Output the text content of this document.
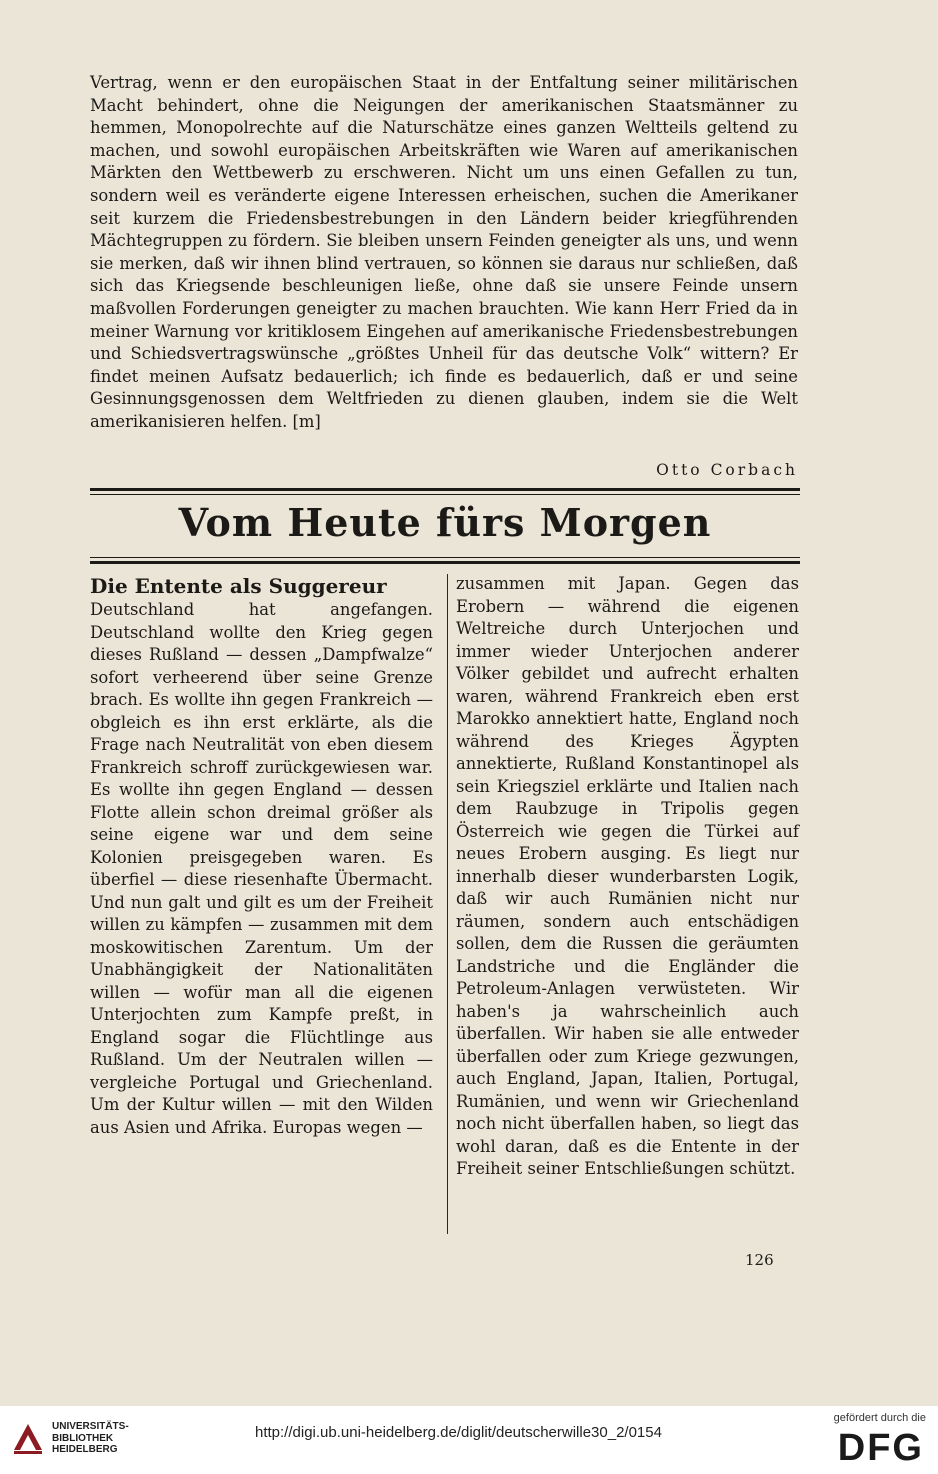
Vertrag, wenn er den europäischen Staat in der Entfaltung seiner militärischen Macht behindert, ohne die Neigungen der amerikanischen Staatsmänner zu hemmen, Monopolrechte auf die Naturschätze eines ganzen Weltteils geltend zu machen, und sowohl europäischen Arbeitskräften wie Waren auf amerikanischen Märkten den Wettbewerb zu erschweren. Nicht um uns einen Gefallen zu tun, sondern weil es veränderte eigene Interessen erheischen, suchen die Amerikaner seit kurzem die Friedensbestrebungen in den Ländern beider kriegführenden Mächtegruppen zu fördern. Sie bleiben unsern Feinden geneigter als uns, und wenn sie merken, daß wir ihnen blind vertrauen, so können sie daraus nur schließen, daß sich das Kriegsende beschleunigen ließe, ohne daß sie unsere Feinde unsern maßvollen Forderungen geneigter zu machen brauchten. Wie kann Herr Fried da in meiner Warnung vor kritiklosem Eingehen auf amerikanische Friedensbestrebungen und Schiedsvertragswünsche „größtes Unheil für das deutsche Volk“ wittern? Er findet meinen Aufsatz bedauerlich; ich finde es bedauerlich, daß er und seine Gesinnungsgenossen dem Weltfrieden zu dienen glauben, indem sie die Welt amerikanisieren helfen. [m]

Otto Corbach
Vom Heute fürs Morgen

Die Entente als Suggereur

Deutschland hat angefangen. Deutschland wollte den Krieg gegen dieses Rußland — dessen „Dampfwalze“ sofort verheerend über seine Grenze brach. Es wollte ihn gegen Frankreich — obgleich es ihn erst erklärte, als die Frage nach Neutralität von eben diesem Frankreich schroff zurückgewiesen war. Es wollte ihn gegen England — dessen Flotte allein schon dreimal größer als seine eigene war und dem seine Kolonien preisgegeben waren. Es überfiel — diese riesenhafte Übermacht. Und nun galt und gilt es um der Freiheit willen zu kämpfen — zusammen mit dem moskowitischen Zarentum. Um der Unabhängigkeit der Nationalitäten willen — wofür man all die eigenen Unterjochten zum Kampfe preßt, in England sogar die Flüchtlinge aus Rußland. Um der Neutralen willen — vergleiche Portugal und Griechenland. Um der Kultur willen — mit den Wilden aus Asien und Afrika. Europas wegen —

zusammen mit Japan. Gegen das Erobern — während die eigenen Weltreiche durch Unterjochen und immer wieder Unterjochen anderer Völker gebildet und aufrecht erhalten waren, während Frankreich eben erst Marokko annektiert hatte, England noch während des Krieges Ägypten annektierte, Rußland Konstantinopel als sein Kriegsziel erklärte und Italien nach dem Raubzuge in Tripolis gegen Österreich wie gegen die Türkei auf neues Erobern ausging. Es liegt nur innerhalb dieser wunderbarsten Logik, daß wir auch Rumänien nicht nur räumen, sondern auch entschädigen sollen, dem die Russen die geräumten Landstriche und die Engländer die Petroleum-Anlagen verwüsteten. Wir haben's ja wahrscheinlich auch überfallen. Wir haben sie alle entweder überfallen oder zum Kriege gezwungen, auch England, Japan, Italien, Portugal, Rumänien, und wenn wir Griechenland noch nicht überfallen haben, so liegt das wohl daran, daß es die Entente in der Freiheit seiner Entschließungen schützt.

126
UNIVERSITÄTS-
BIBLIOTHEK
HEIDELBERG
http://digi.ub.uni-heidelberg.de/diglit/deutscherwille30_2/0154
gefördert durch die
DFG
